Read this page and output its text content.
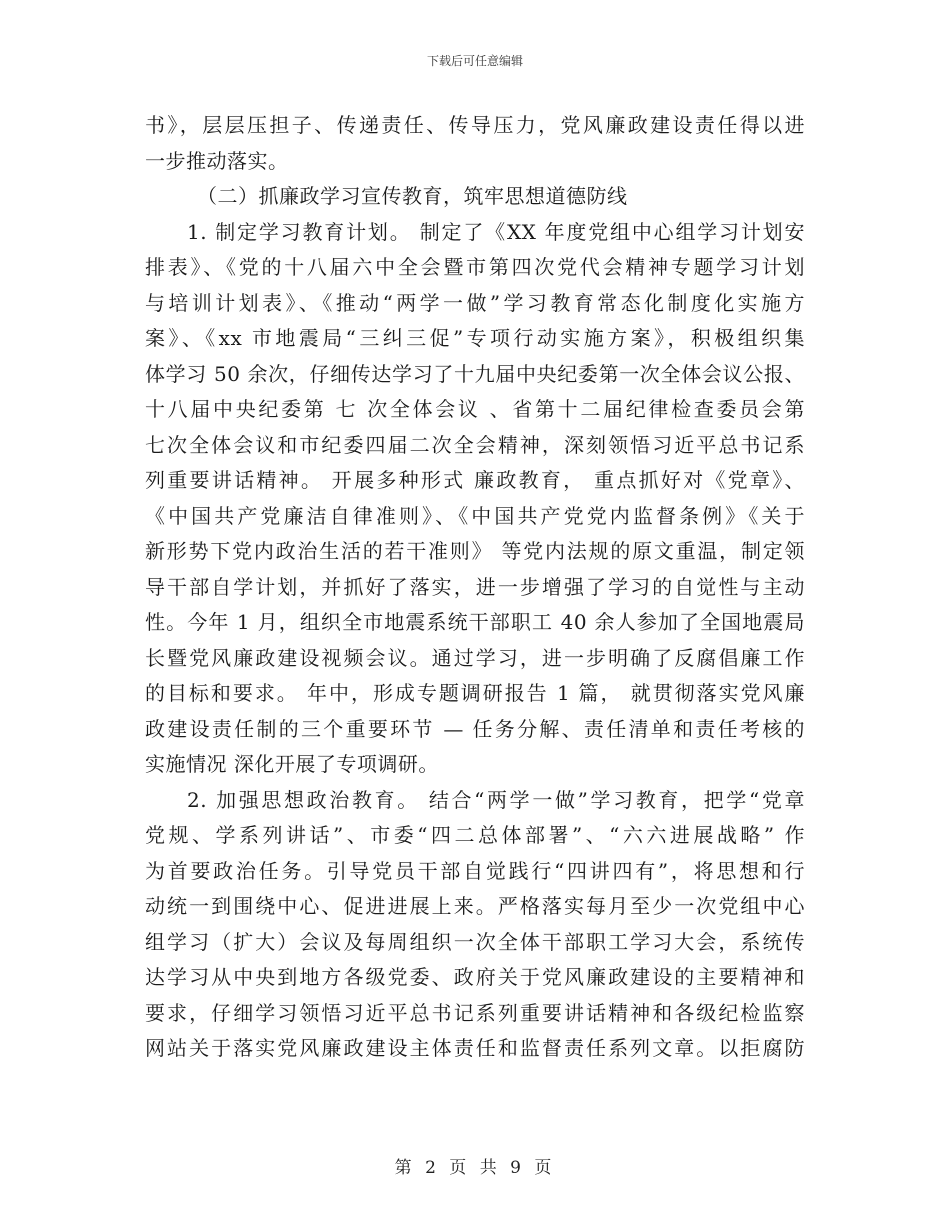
下载后可任意编辑
书》，层层压担子、传递责任、传导压力，党风廉政建设责任得以进
一步推动落实。
（二）抓廉政学习宣传教育，筑牢思想道德防线
1. 制定学习教育计划。 制定了《XX 年度党组中心组学习计划安
排表》、《党的十八届六中全会暨市第四次党代会精神专题学习计划
与培训计划表》、《推动“两学一做”学习教育常态化制度化实施方
案》、《xx 市地震局“三纠三促”专项行动实施方案》，积极组织集
体学习 50 余次，仔细传达学习了十九届中央纪委第一次全体会议公报、
十八届中央纪委第 七 次全体会议 、省第十二届纪律检查委员会第
七次全体会议和市纪委四届二次全会精神，深刻领悟习近平总书记系
列重要讲话精神。 开展多种形式 廉政教育， 重点抓好对《党章》、
《中国共产党廉洁自律准则》、《中国共产党党内监督条例》《关于
新形势下党内政治生活的若干准则》 等党内法规的原文重温，制定领
导干部自学计划，并抓好了落实，进一步增强了学习的自觉性与主动
性。今年 1 月，组织全市地震系统干部职工 40 余人参加了全国地震局
长暨党风廉政建设视频会议。通过学习，进一步明确了反腐倡廉工作
的目标和要求。 年中，形成专题调研报告 1 篇， 就贯彻落实党风廉
政建设责任制的三个重要环节 — 任务分解、责任清单和责任考核的
实施情况 深化开展了专项调研。
2. 加强思想政治教育。 结合“两学一做”学习教育，把学“党章
党规、学系列讲话”、市委“四二总体部署”、“六六进展战略” 作
为首要政治任务。引导党员干部自觉践行“四讲四有”，将思想和行
动统一到围绕中心、促进进展上来。严格落实每月至少一次党组中心
组学习（扩大）会议及每周组织一次全体干部职工学习大会，系统传
达学习从中央到地方各级党委、政府关于党风廉政建设的主要精神和
要求，仔细学习领悟习近平总书记系列重要讲话精神和各级纪检监察
网站关于落实党风廉政建设主体责任和监督责任系列文章。以拒腐防
第 2 页 共 9 页
